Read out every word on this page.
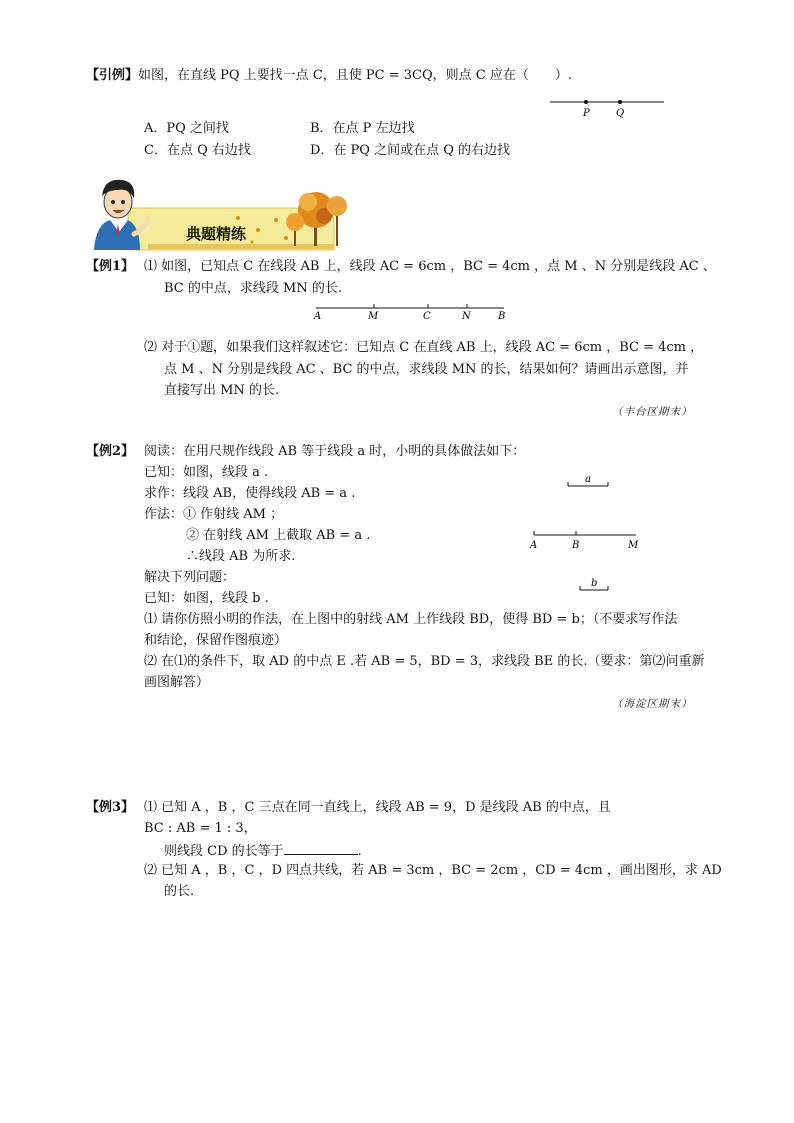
【引例】如图，在直线 PQ 上要找一点 C，且使 PC = 3CQ，则点 C 应在（　　）.
P	Q
A．PQ 之间找	B．在点 P 左边找
C．在点 Q 右边找	D．在 PQ 之间或在点 Q 的右边找
典题精练
【例1】 ⑴ 如图，已知点 C 在线段 AB 上，线段 AC = 6cm ，BC = 4cm ，点 M 、N 分别是线段 AC 、
BC 的中点，求线段 MN 的长.
A	M	C	N	B
⑵ 对于①题，如果我们这样叙述它：已知点 C 在直线 AB 上，线段 AC = 6cm ，BC = 4cm ，
点 M 、N 分别是线段 AC 、BC 的中点，求线段 MN 的长，结果如何？请画出示意图，并
直接写出 MN 的长.
（丰台区期末）
【例2】 阅读：在用尺规作线段 AB 等于线段 a 时，小明的具体做法如下：
已知：如图，线段 a .
求作：线段 AB，使得线段 AB = a .
作法：① 作射线 AM ；
② 在射线 AM 上截取 AB = a .
∴线段 AB 为所求.
解决下列问题：
已知：如图，线段 b .
a
A	B	M
b
⑴ 请你仿照小明的作法，在上图中的射线 AM 上作线段 BD，使得 BD = b；（不要求写作法
和结论，保留作图痕迹）
⑵ 在⑴的条件下，取 AD 的中点 E .若 AB = 5，BD = 3，求线段 BE 的长.（要求：第⑵问重新
画图解答）
（海淀区期末）
【例3】 ⑴ 已知 A ，B ，C 三点在同一直线上，线段 AB = 9，D 是线段 AB 的中点，且
BC : AB = 1 : 3，
则线段 CD 的长等于	.
⑵ 已知 A ，B ，C ，D 四点共线，若 AB = 3cm ，BC = 2cm ，CD = 4cm ，画出图形，求 AD
的长.
